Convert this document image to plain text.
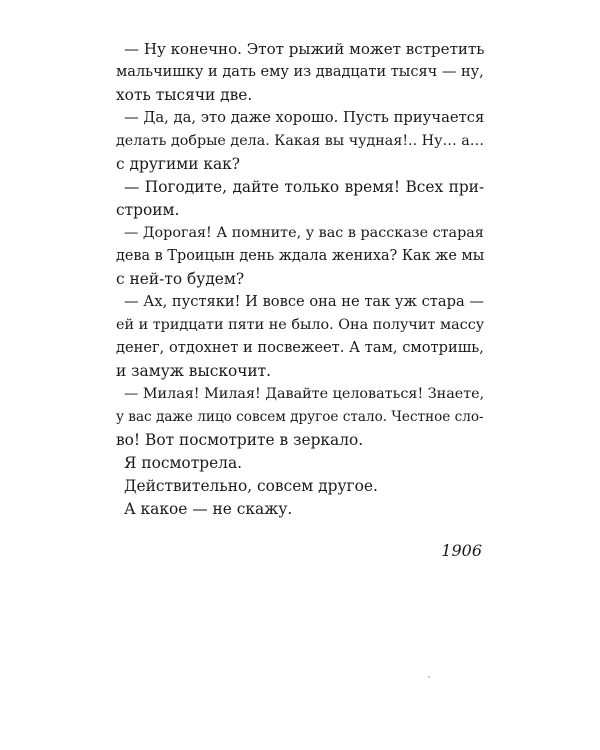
— Ну конечно. Этот рыжий может встретить
мальчишку и дать ему из двадцати тысяч — ну,
хоть тысячи две.
— Да, да, это даже хорошо. Пусть приучается
делать добрые дела. Какая вы чудная!.. Ну… а…
с другими как?
— Погодите, дайте только время! Всех при-
строим.
— Дорогая! А помните, у вас в рассказе старая
дева в Троицын день ждала жениха? Как же мы
с ней-то будем?
— Ах, пустяки! И вовсе она не так уж стара —
ей и тридцати пяти не было. Она получит массу
денег, отдохнет и посвежеет. А там, смотришь,
и замуж выскочит.
— Милая! Милая! Давайте целоваться! Знаете,
у вас даже лицо совсем другое стало. Честное сло-
во! Вот посмотрите в зеркало.
Я посмотрела.
Действительно, совсем другое.
А какое — не скажу.
1906
